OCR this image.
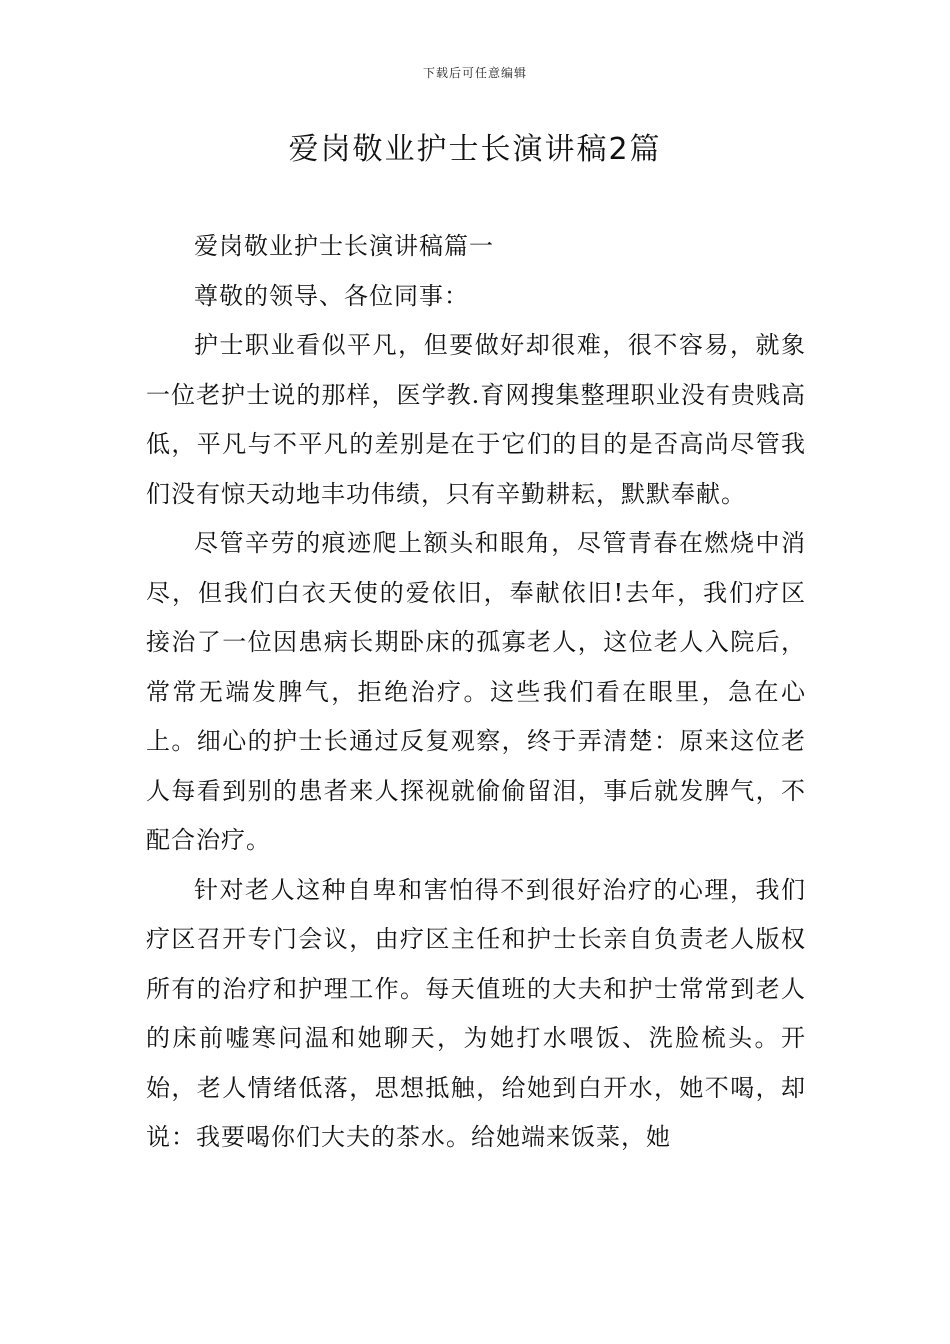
下载后可任意编辑
爱岗敬业护士长演讲稿2篇

爱岗敬业护士长演讲稿篇一

尊敬的领导、各位同事：

护士职业看似平凡，但要做好却很难，很不容易，就象一位老护士说的那样，医学教.育网搜集整理职业没有贵贱高低，平凡与不平凡的差别是在于它们的目的是否高尚尽管我们没有惊天动地丰功伟绩，只有辛勤耕耘，默默奉献。

尽管辛劳的痕迹爬上额头和眼角，尽管青春在燃烧中消尽，但我们白衣天使的爱依旧，奉献依旧!去年，我们疗区接治了一位因患病长期卧床的孤寡老人，这位老人入院后，常常无端发脾气，拒绝治疗。这些我们看在眼里，急在心上。细心的护士长通过反复观察，终于弄清楚：原来这位老人每看到别的患者来人探视就偷偷留泪，事后就发脾气，不配合治疗。

针对老人这种自卑和害怕得不到很好治疗的心理，我们疗区召开专门会议，由疗区主任和护士长亲自负责老人版权所有的治疗和护理工作。每天值班的大夫和护士常常到老人的床前嘘寒问温和她聊天，为她打水喂饭、洗脸梳头。开始，老人情绪低落，思想抵触，给她到白开水，她不喝，却说：我要喝你们大夫的茶水。给她端来饭菜，她
